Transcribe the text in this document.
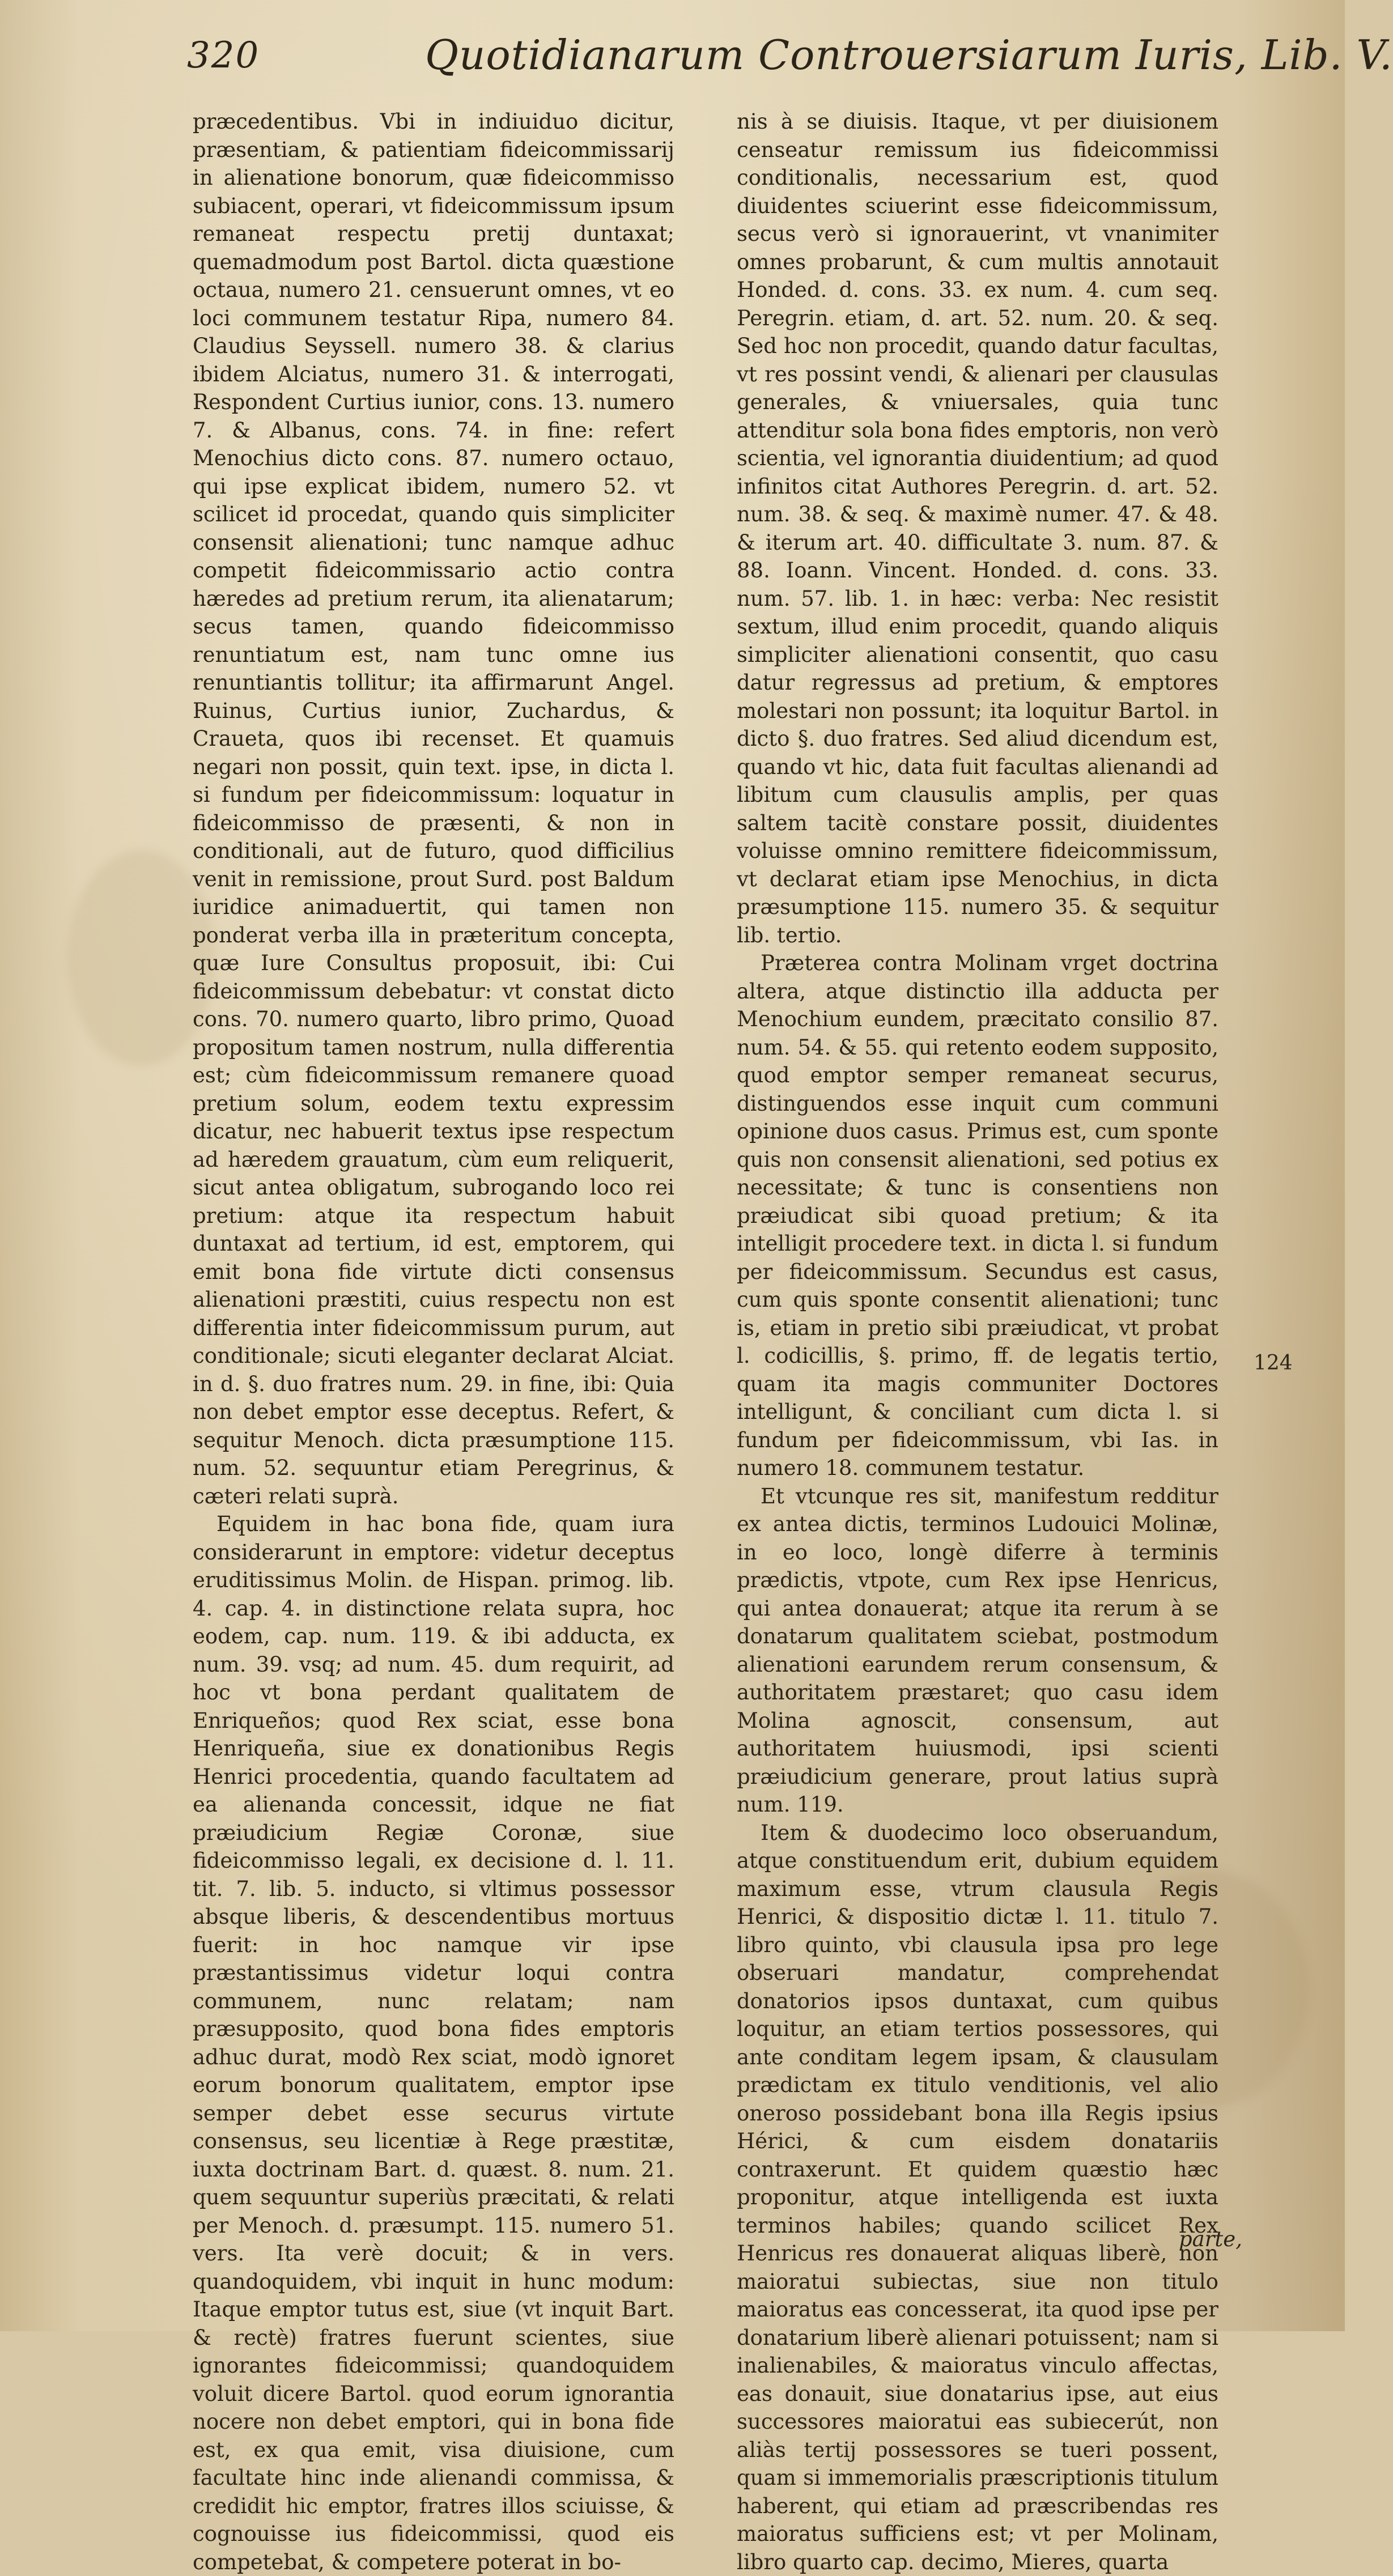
320	Quotidianarum Controuersiarum Iuris, Lib. V.

præcedentibus. Vbi in indiuiduo dicitur, præsentiam, & patientiam fideicommissarij in alienatione bonorum, quæ fideicommisso subiacent, operari, vt fideicommissum ipsum remaneat respectu pretij duntaxat; quemadmodum post Bartol. dicta quæstione octaua, numero 21. censuerunt omnes, vt eo loci communem testatur Ripa, numero 84. Claudius Seyssell. numero 38. & clarius ibidem Alciatus, numero 31. & interrogati, Respondent Curtius iunior, cons. 13. numero 7. & Albanus, cons. 74. in fine: refert Menochius dicto cons. 87. numero octauo, qui ipse explicat ibidem, numero 52. vt scilicet id procedat, quando quis simpliciter consensit alienationi; tunc namque adhuc competit fideicommissario actio contra hæredes ad pretium rerum, ita alienatarum; secus tamen, quando fideicommisso renuntiatum est, nam tunc omne ius renuntiantis tollitur; ita affirmarunt Angel. Ruinus, Curtius iunior, Zuchardus, & Craueta, quos ibi recenset. Et quamuis negari non possit, quin text. ipse, in dicta l. si fundum per fideicommissum: loquatur in fideicommisso de præsenti, & non in conditionali, aut de futuro, quod difficilius venit in remissione, prout Surd. post Baldum iuridice animaduertit, qui tamen non ponderat verba illa in præteritum concepta, quæ Iure Consultus proposuit, ibi: Cui fideicommissum debebatur: vt constat dicto cons. 70. numero quarto, libro primo, Quoad propositum tamen nostrum, nulla differentia est; cùm fideicommissum remanere quoad pretium solum, eodem textu expressim dicatur, nec habuerit textus ipse respectum ad hæredem grauatum, cùm eum reliquerit, sicut antea obligatum, subrogando loco rei pretium: atque ita respectum habuit duntaxat ad tertium, id est, emptorem, qui emit bona fide virtute dicti consensus alienationi præstiti, cuius respectu non est differentia inter fideicommissum purum, aut conditionale; sicuti eleganter declarat Alciat. in d. §. duo fratres num. 29. in fine, ibi: Quia non debet emptor esse deceptus. Refert, & sequitur Menoch. dicta præsumptione 115. num. 52. sequuntur etiam Peregrinus, & cæteri relati suprà.

Equidem in hac bona fide, quam iura considerarunt in emptore: videtur deceptus eruditissimus Molin. de Hispan. primog. lib. 4. cap. 4. in distinctione relata supra, hoc eodem, cap. num. 119. & ibi adducta, ex num. 39. vsq; ad num. 45. dum requirit, ad hoc vt bona perdant qualitatem de Enriqueños; quod Rex sciat, esse bona Henriqueña, siue ex donationibus Regis Henrici procedentia, quando facultatem ad ea alienanda concessit, idque ne fiat præiudicium Regiæ Coronæ, siue fideicommisso legali, ex decisione d. l. 11. tit. 7. lib. 5. inducto, si vltimus possessor absque liberis, & descendentibus mortuus fuerit: in hoc namque vir ipse præstantissimus videtur loqui contra communem, nunc relatam; nam præsupposito, quod bona fides emptoris adhuc durat, modò Rex sciat, modò ignoret eorum bonorum qualitatem, emptor ipse semper debet esse securus virtute consensus, seu licentiæ à Rege præstitæ, iuxta doctrinam Bart. d. quæst. 8. num. 21. quem sequuntur superiùs præcitati, & relati per Menoch. d. præsumpt. 115. numero 51. vers. Ita verè docuit; & in vers. quandoquidem, vbi inquit in hunc modum: Itaque emptor tutus est, siue (vt inquit Bart. & rectè) fratres fuerunt scientes, siue ignorantes fideicommissi; quandoquidem voluit dicere Bartol. quod eorum ignorantia nocere non debet emptori, qui in bona fide est, ex qua emit, visa diuisione, cum facultate hinc inde alienandi commissa, & credidit hic emptor, fratres illos sciuisse, & cognouisse ius fideicommissi, quod eis competebat, & competere poterat in bo-

nis à se diuisis. Itaque, vt per diuisionem censeatur remissum ius fideicommissi conditionalis, necessarium est, quod diuidentes sciuerint esse fideicommissum, secus verò si ignorauerint, vt vnanimiter omnes probarunt, & cum multis annotauit Honded. d. cons. 33. ex num. 4. cum seq. Peregrin. etiam, d. art. 52. num. 20. & seq. Sed hoc non procedit, quando datur facultas, vt res possint vendi, & alienari per clausulas generales, & vniuersales, quia tunc attenditur sola bona fides emptoris, non verò scientia, vel ignorantia diuidentium; ad quod infinitos citat Authores Peregrin. d. art. 52. num. 38. & seq. & maximè numer. 47. & 48. & iterum art. 40. difficultate 3. num. 87. & 88. Ioann. Vincent. Honded. d. cons. 33. num. 57. lib. 1. in hæc: verba: Nec resistit sextum, illud enim procedit, quando aliquis simpliciter alienationi consentit, quo casu datur regressus ad pretium, & emptores molestari non possunt; ita loquitur Bartol. in dicto §. duo fratres. Sed aliud dicendum est, quando vt hic, data fuit facultas alienandi ad libitum cum clausulis amplis, per quas saltem tacitè constare possit, diuidentes voluisse omnino remittere fideicommissum, vt declarat etiam ipse Menochius, in dicta præsumptione 115. numero 35. & sequitur lib. tertio.

Præterea contra Molinam vrget doctrina altera, atque distinctio illa adducta per Menochium eundem, præcitato consilio 87. num. 54. & 55. qui retento eodem supposito, quod emptor semper remaneat securus, distinguendos esse inquit cum communi opinione duos casus. Primus est, cum sponte quis non consensit alienationi, sed potius ex necessitate; & tunc is consentiens non præiudicat sibi quoad pretium; & ita intelligit procedere text. in dicta l. si fundum per fideicommissum. Secundus est casus, cum quis sponte consentit alienationi; tunc is, etiam in pretio sibi præiudicat, vt probat l. codicillis, §. primo, ff. de legatis tertio, quam ita magis communiter Doctores intelligunt, & conciliant cum dicta l. si fundum per fideicommissum, vbi Ias. in numero 18. communem testatur.

Et vtcunque res sit, manifestum redditur ex antea dictis, terminos Ludouici Molinæ, in eo loco, longè diferre à terminis prædictis, vtpote, cum Rex ipse Henricus, qui antea donauerat; atque ita rerum à se donatarum qualitatem sciebat, postmodum alienationi earundem rerum consensum, & authoritatem præstaret; quo casu idem Molina agnoscit, consensum, aut authoritatem huiusmodi, ipsi scienti præiudicium generare, prout latius suprà num. 119.

Item & duodecimo loco obseruandum, atque constituendum erit, dubium equidem maximum esse, vtrum clausula Regis Henrici, & dispositio dictæ l. 11. titulo 7. libro quinto, vbi clausula ipsa pro lege obseruari mandatur, comprehendat donatorios ipsos duntaxat, cum quibus loquitur, an etiam tertios possessores, qui ante conditam legem ipsam, & clausulam prædictam ex titulo venditionis, vel alio oneroso possidebant bona illa Regis ipsius Hérici, & cum eisdem donatariis contraxerunt. Et quidem quæstio hæc proponitur, atque intelligenda est iuxta terminos habiles; quando scilicet Rex Henricus res donauerat aliquas liberè, non maioratui subiectas, siue non titulo maioratus eas concesserat, ita quod ipse per donatarium liberè alienari potuissent; nam si inalienabiles, & maioratus vinculo affectas, eas donauit, siue donatarius ipse, aut eius successores maioratui eas subiecerút, non aliàs tertij possessores se tueri possent, quam si immemorialis præscriptionis titulum haberent, qui etiam ad præscribendas res maioratus sufficiens est; vt per Molinam, libro quarto cap. decimo, Mieres, quarta

124
parte,
